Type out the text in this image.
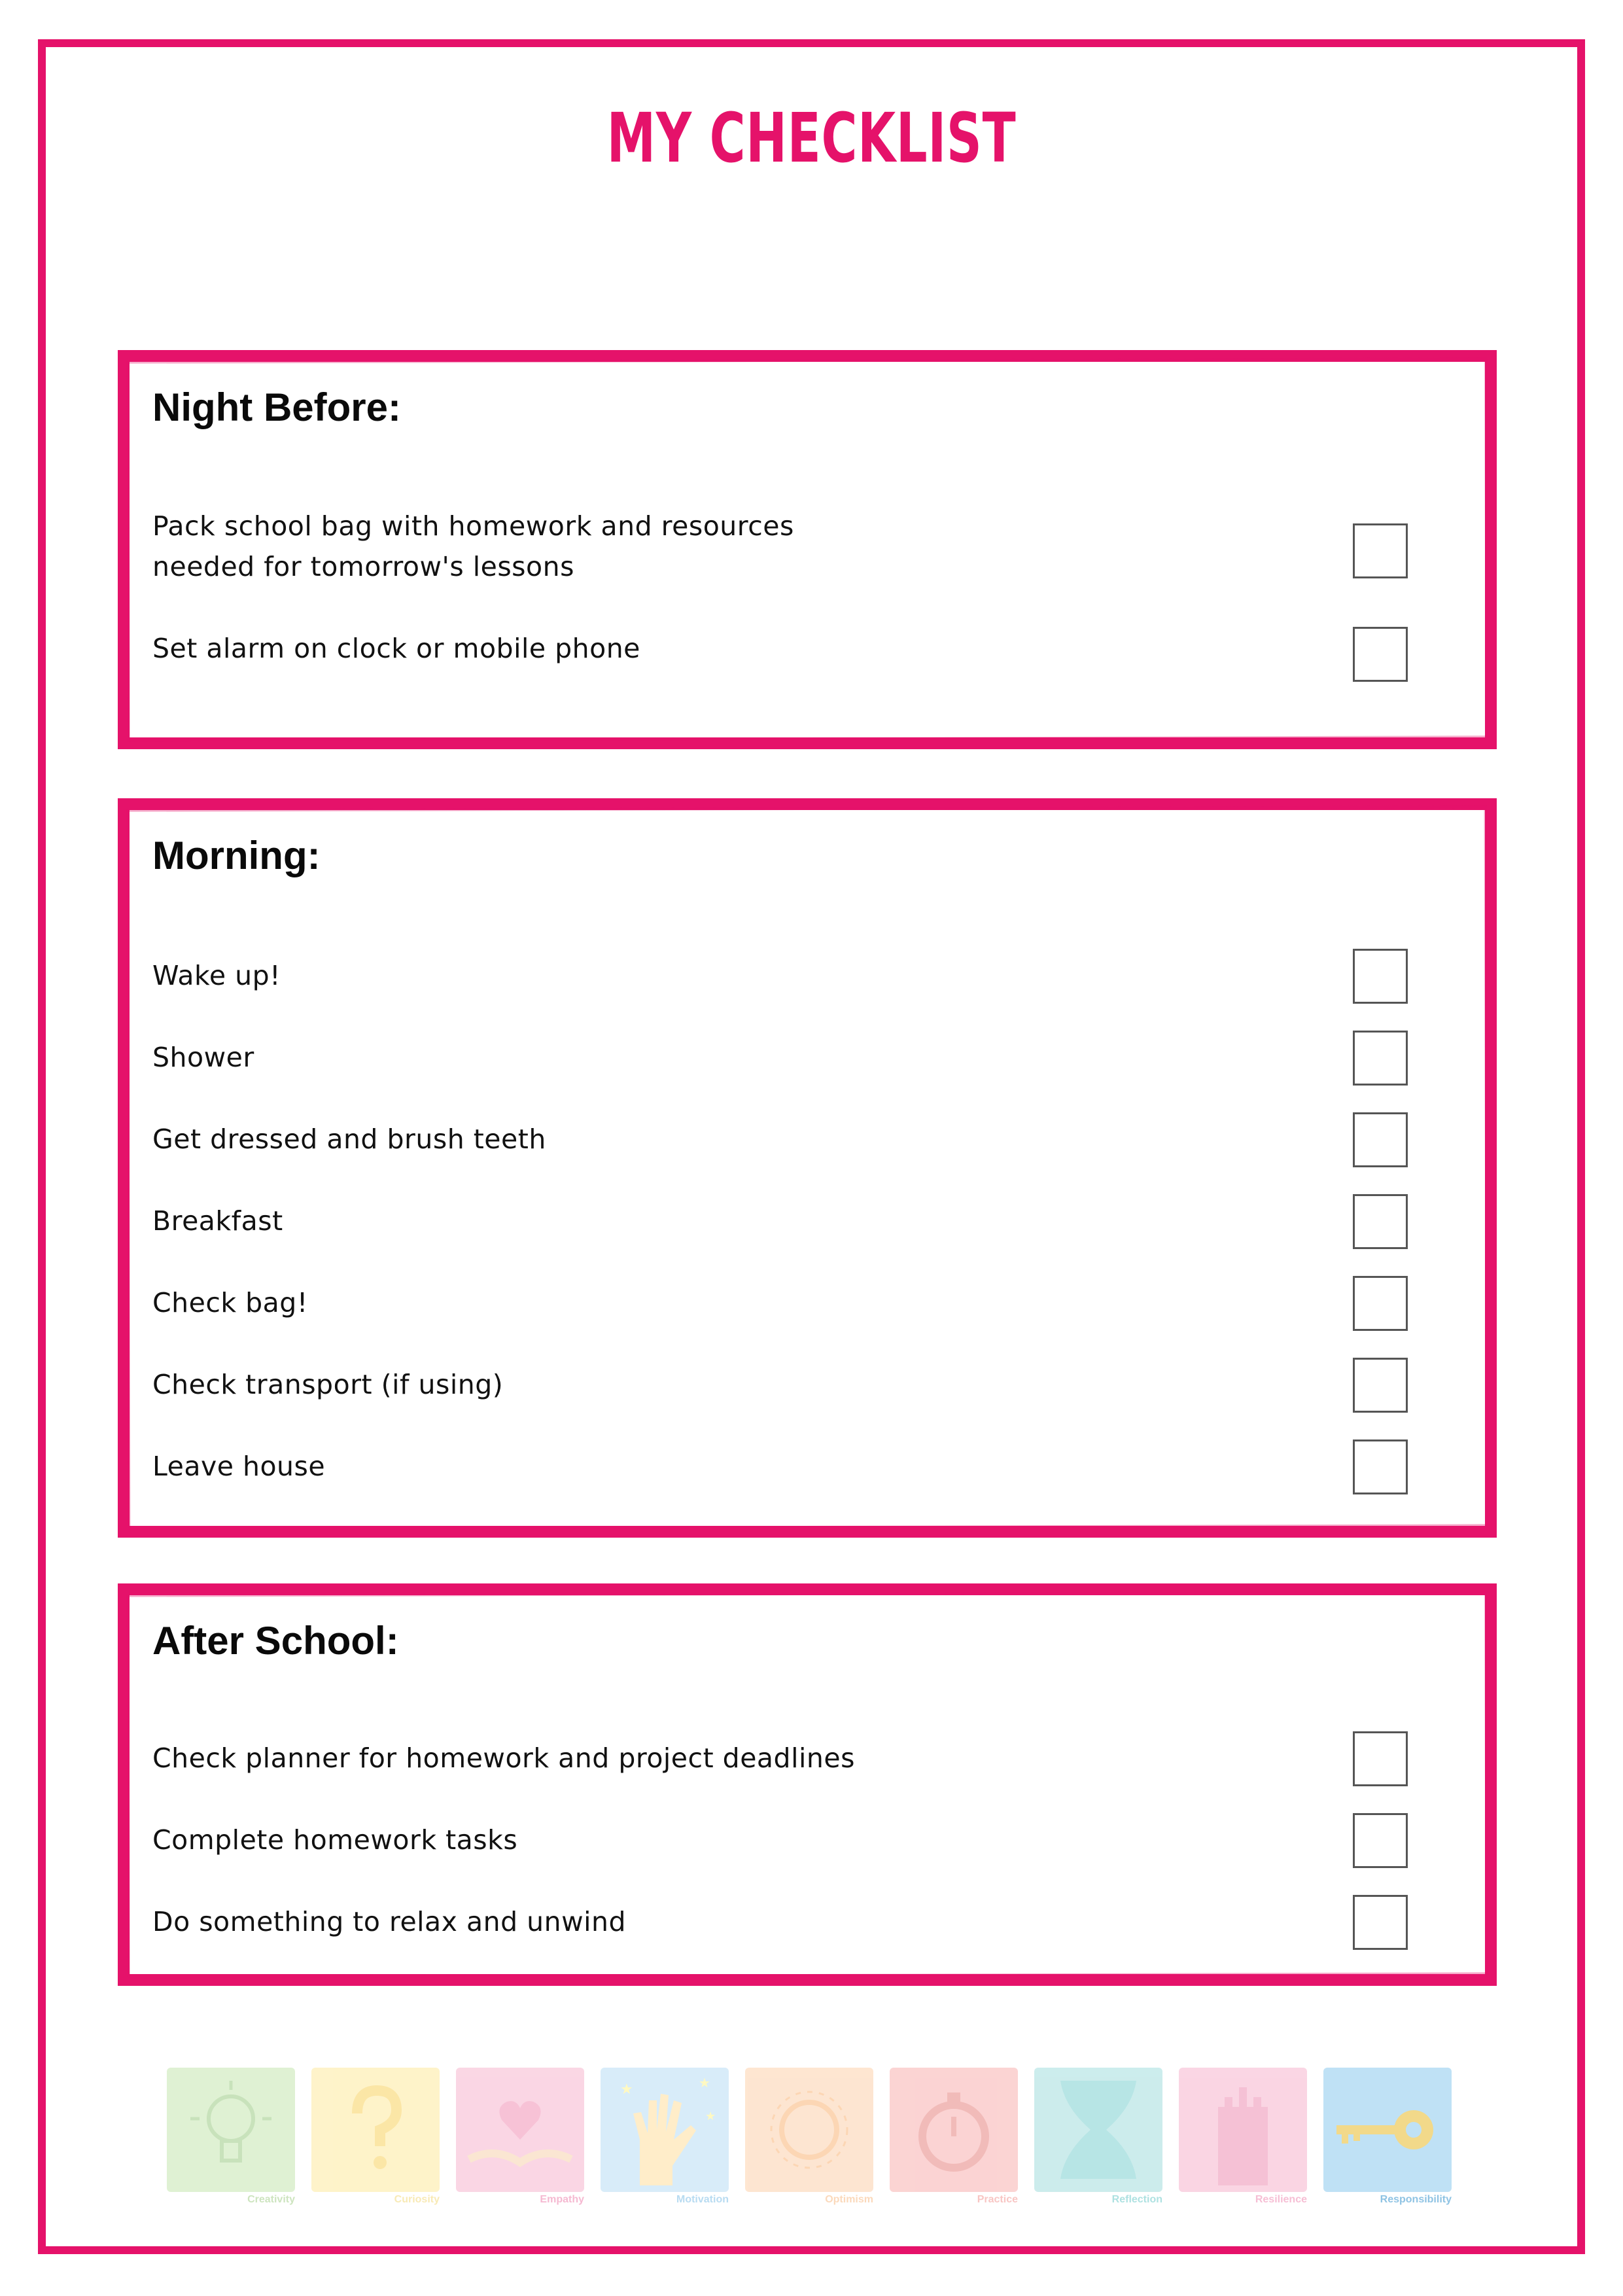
MY CHECKLIST
Night Before:
Pack school bag with homework and resources
needed for tomorrow's lessons
Set alarm on clock or mobile phone
Morning:
Wake up!
Shower
Get dressed and brush teeth
Breakfast
Check bag!
Check transport (if using)
Leave house
After School:
Check planner for homework and project deadlines
Complete homework tasks
Do something to relax and unwind
Creativity	Curiosity	Empathy
★	★
★
Motivation	Optimism	Practice	Reflection	Resilience	Responsibility
